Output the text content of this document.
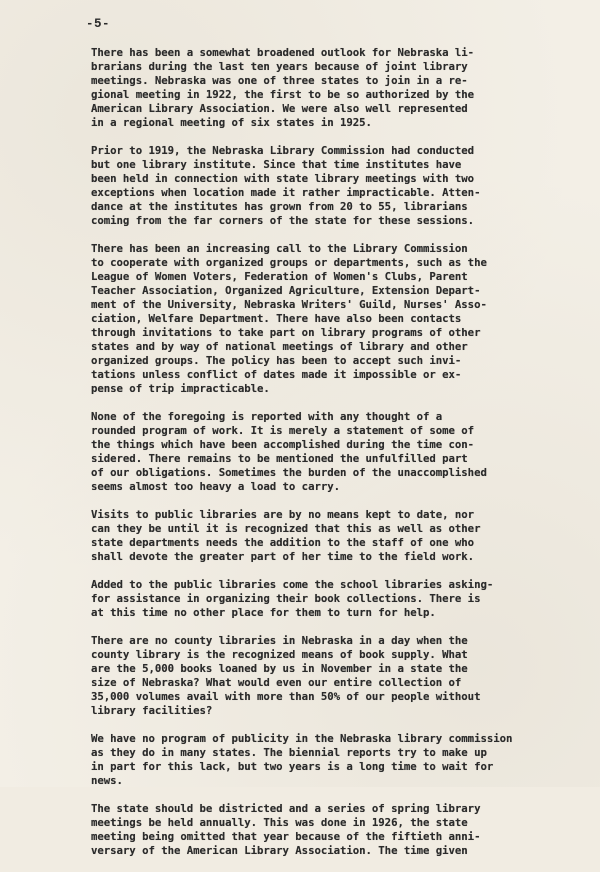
-5-
There has been a somewhat broadened outlook for Nebraska li-
brarians during the last ten years because of joint library
meetings. Nebraska was one of three states to join in a re-
gional meeting in 1922, the first to be so authorized by the
American Library Association. We were also well represented
in a regional meeting of six states in 1925.
Prior to 1919, the Nebraska Library Commission had conducted
but one library institute. Since that time institutes have
been held in connection with state library meetings with two
exceptions when location made it rather impracticable. Atten-
dance at the institutes has grown from 20 to 55, librarians
coming from the far corners of the state for these sessions.
There has been an increasing call to the Library Commission
to cooperate with organized groups or departments, such as the
League of Women Voters, Federation of Women's Clubs, Parent
Teacher Association, Organized Agriculture, Extension Depart-
ment of the University, Nebraska Writers' Guild, Nurses' Asso-
ciation, Welfare Department. There have also been contacts
through invitations to take part on library programs of other
states and by way of national meetings of library and other
organized groups. The policy has been to accept such invi-
tations unless conflict of dates made it impossible or ex-
pense of trip impracticable.
None of the foregoing is reported with any thought of a
rounded program of work. It is merely a statement of some of
the things which have been accomplished during the time con-
sidered. There remains to be mentioned the unfulfilled part
of our obligations. Sometimes the burden of the unaccomplished
seems almost too heavy a load to carry.
Visits to public libraries are by no means kept to date, nor
can they be until it is recognized that this as well as other
state departments needs the addition to the staff of one who
shall devote the greater part of her time to the field work.
Added to the public libraries come the school libraries asking-
for assistance in organizing their book collections. There is
at this time no other place for them to turn for help.
There are no county libraries in Nebraska in a day when the
county library is the recognized means of book supply. What
are the 5,000 books loaned by us in November in a state the
size of Nebraska? What would even our entire collection of
35,000 volumes avail with more than 50% of our people without
library facilities?
We have no program of publicity in the Nebraska library commission
as they do in many states. The biennial reports try to make up
in part for this lack, but two years is a long time to wait for
news.
The state should be districted and a series of spring library
meetings be held annually. This was done in 1926, the state
meeting being omitted that year because of the fiftieth anni-
versary of the American Library Association. The time given
